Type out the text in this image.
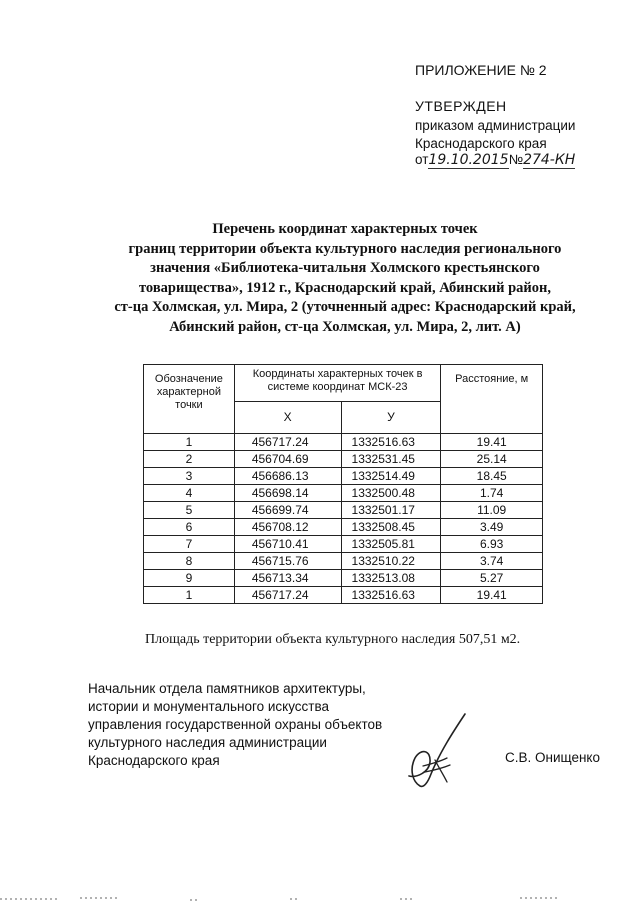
ПРИЛОЖЕНИЕ № 2
УТВЕРЖДЕН
приказом администрации
Краснодарского края
от19.10.2015№274-КН
Перечень координат характерных точек
границ территории объекта культурного наследия регионального
значения «Библиотека-читальня Холмского крестьянского
товарищества», 1912 г., Краснодарский край, Абинский район,
ст-ца Холмская, ул. Мира, 2 (уточненный адрес: Краснодарский край,
Абинский район, ст-ца Холмская, ул. Мира, 2, лит. А)
Обозначение характерной точки	Координаты характерных точек в системе координат МСК-23		Расстояние, м
	X	У	
1	456717.24	1332516.63	19.41
2	456704.69	1332531.45	25.14
3	456686.13	1332514.49	18.45
4	456698.14	1332500.48	1.74
5	456699.74	1332501.17	11.09
6	456708.12	1332508.45	3.49
7	456710.41	1332505.81	6.93
8	456715.76	1332510.22	3.74
9	456713.34	1332513.08	5.27
1	456717.24	1332516.63	19.41
Площадь территории объекта культурного наследия 507,51 м2.
Начальник отдела памятников архитектуры,
истории и монументального искусства
управления государственной охраны объектов
культурного наследия администрации
Краснодарского края	С.В. Онищенко
